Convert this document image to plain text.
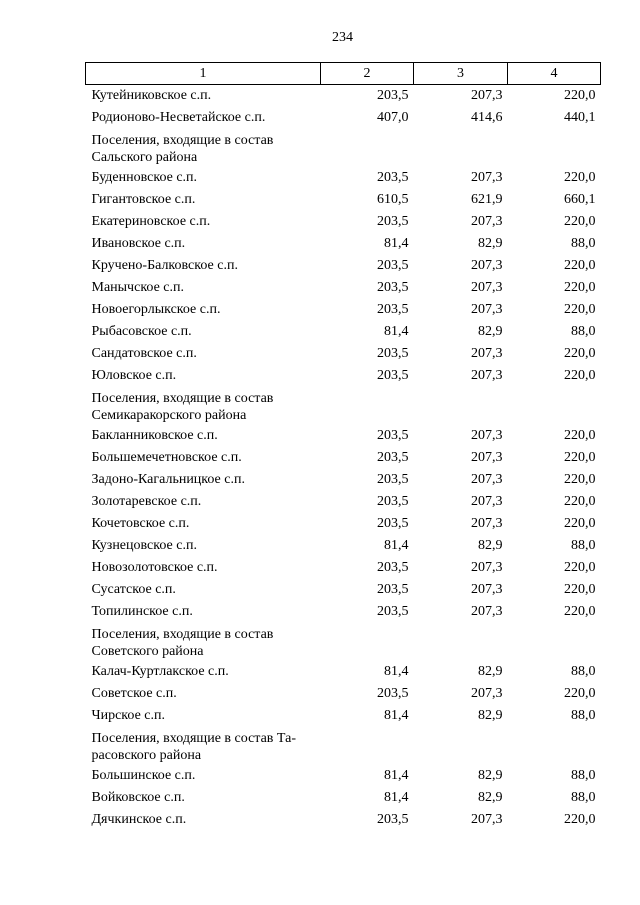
234
1	2	3	4
Кутейниковское с.п.	203,5	207,3	220,0
Родионово-Несветайское с.п.	407,0	414,6	440,1

Поселения, входящие в состав
Сальского района			

Буденновское с.п.	203,5	207,3	220,0
Гигантовское с.п.	610,5	621,9	660,1
Екатериновское с.п.	203,5	207,3	220,0
Ивановское с.п.	81,4	82,9	88,0
Кручено-Балковское с.п.	203,5	207,3	220,0
Манычское с.п.	203,5	207,3	220,0
Новоегорлыкское с.п.	203,5	207,3	220,0
Рыбасовское с.п.	81,4	82,9	88,0
Сандатовское с.п.	203,5	207,3	220,0
Юловское с.п.	203,5	207,3	220,0

Поселения, входящие в состав
Семикаракорского района			

Бакланниковское с.п.	203,5	207,3	220,0
Большемечетновское с.п.	203,5	207,3	220,0
Задоно-Кагальницкое с.п.	203,5	207,3	220,0
Золотаревское с.п.	203,5	207,3	220,0
Кочетовское с.п.	203,5	207,3	220,0
Кузнецовское с.п.	81,4	82,9	88,0
Новозолотовское с.п.	203,5	207,3	220,0
Сусатское с.п.	203,5	207,3	220,0
Топилинское с.п.	203,5	207,3	220,0

Поселения, входящие в состав
Советского района			

Калач-Куртлакское с.п.	81,4	82,9	88,0
Советское с.п.	203,5	207,3	220,0
Чирское с.п.	81,4	82,9	88,0

Поселения, входящие в состав Та-
расовского района			

Большинское с.п.	81,4	82,9	88,0
Войковское с.п.	81,4	82,9	88,0
Дячкинское с.п.	203,5	207,3	220,0
